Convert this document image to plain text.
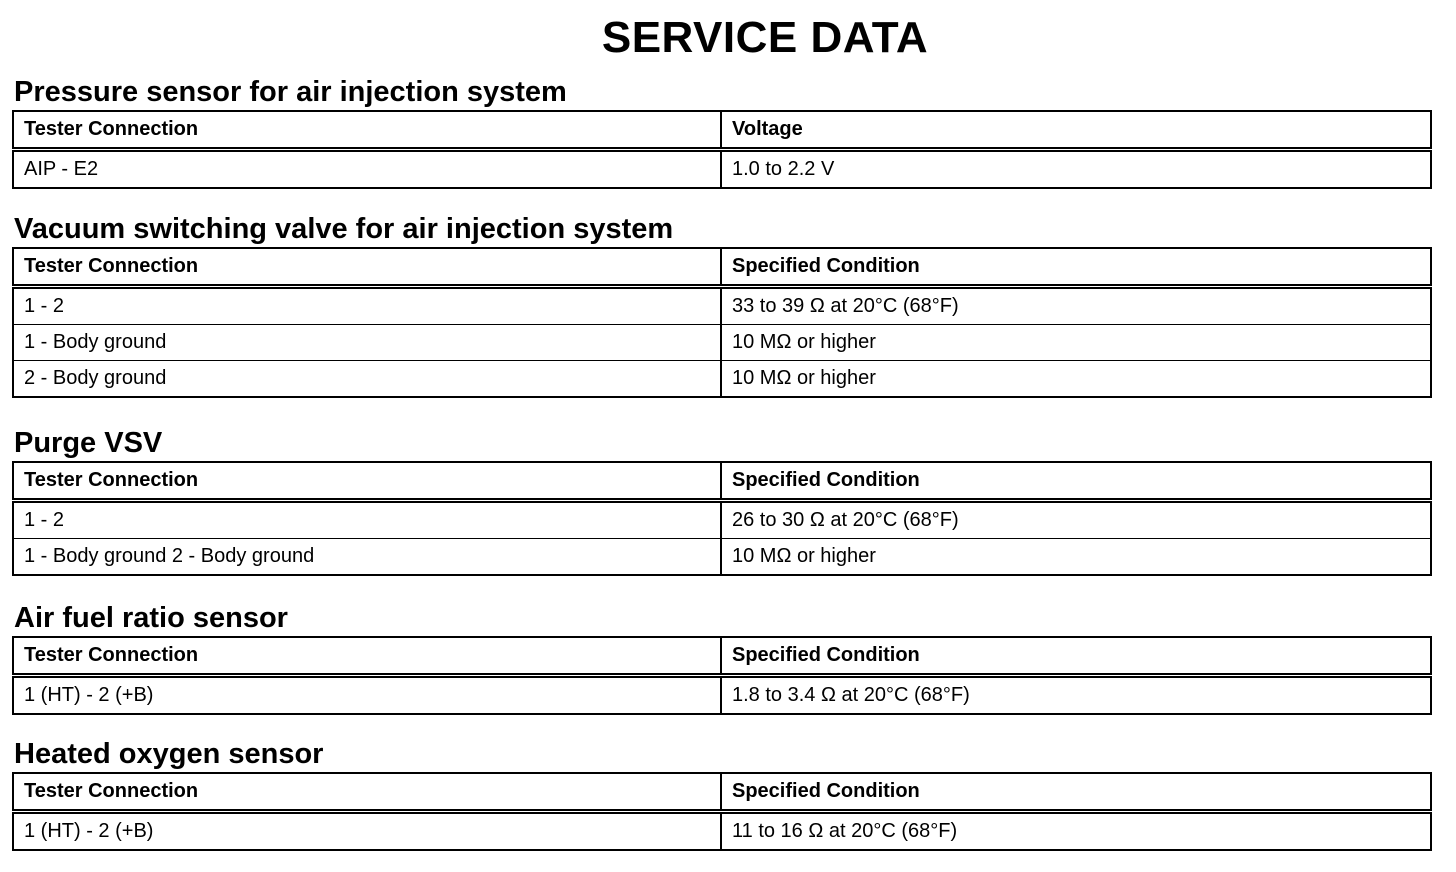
SERVICE DATA
Pressure sensor for air injection system
Tester Connection	Voltage
AIP - E2	1.0 to 2.2 V
Vacuum switching valve for air injection system
Tester Connection	Specified Condition
1 - 2	33 to 39 Ω at 20°C (68°F)
1 - Body ground	10 MΩ or higher
2 - Body ground	10 MΩ or higher
Purge VSV
Tester Connection	Specified Condition
1 - 2	26 to 30 Ω at 20°C (68°F)
1 - Body ground 2 - Body ground	10 MΩ or higher
Air fuel ratio sensor
Tester Connection	Specified Condition
1 (HT) - 2 (+B)	1.8 to 3.4 Ω at 20°C (68°F)
Heated oxygen sensor
Tester Connection	Specified Condition
1 (HT) - 2 (+B)	11 to 16 Ω at 20°C (68°F)
